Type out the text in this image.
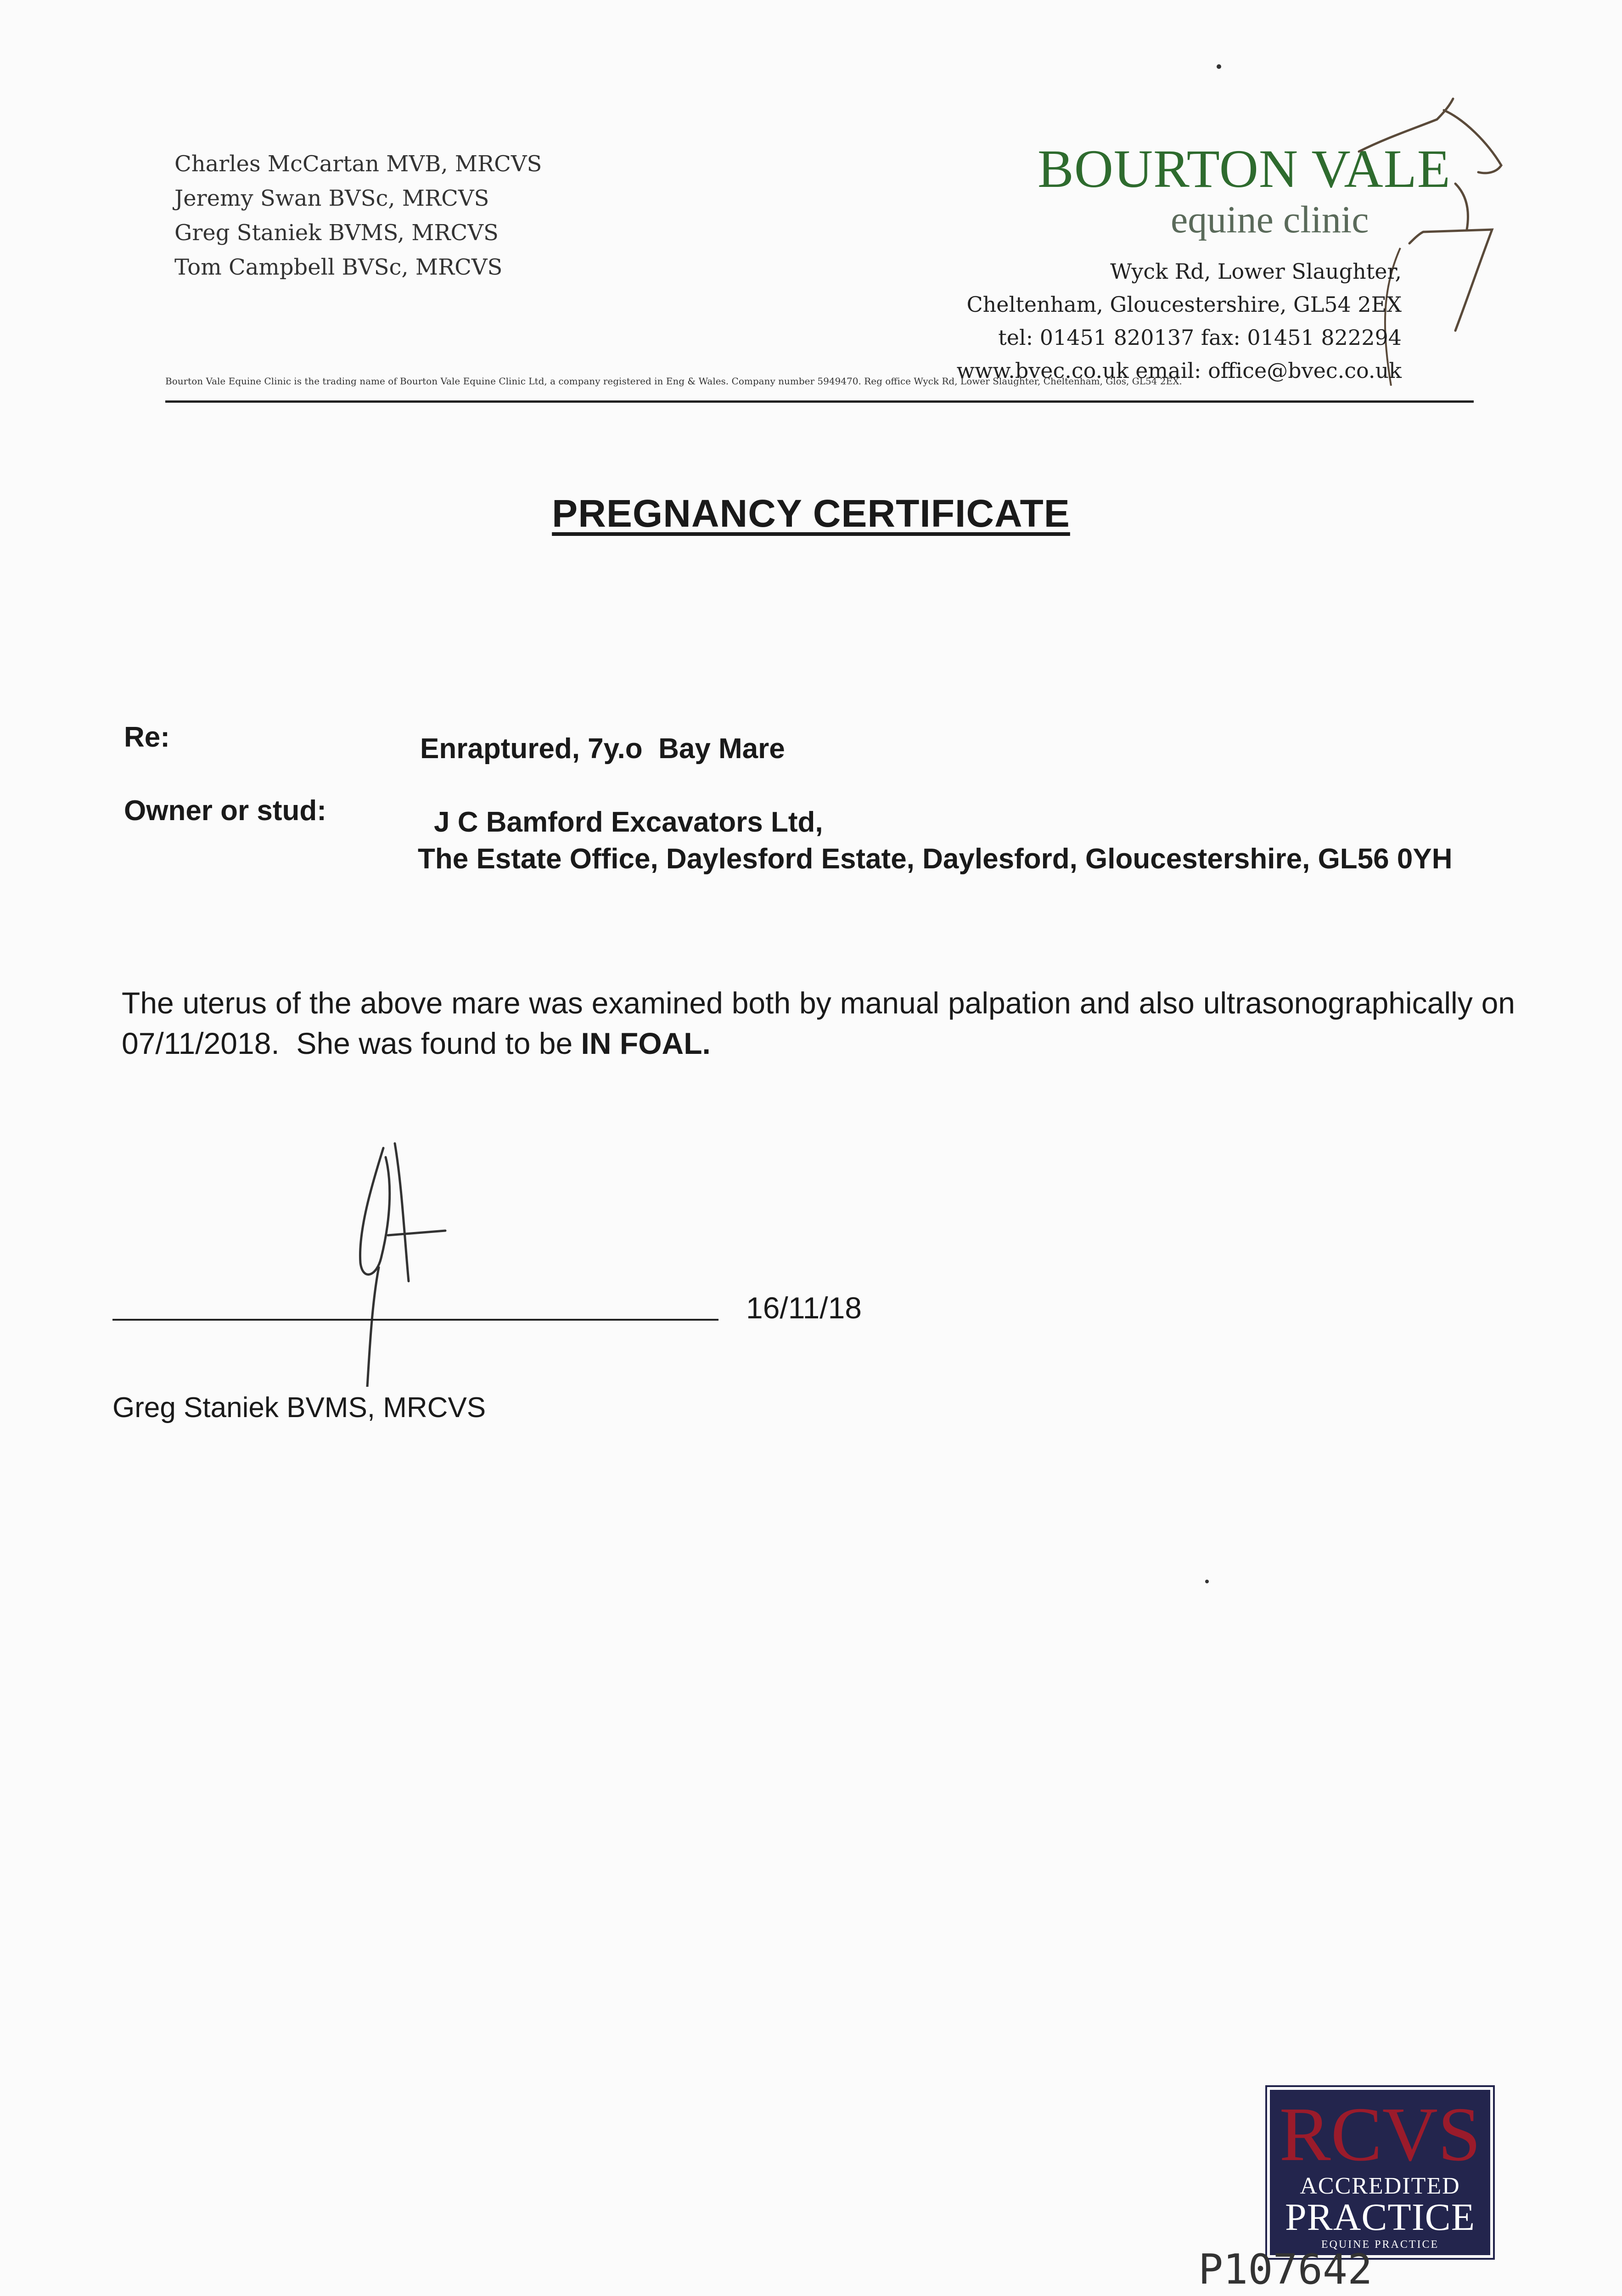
Charles McCartan MVB, MRCVS
Jeremy Swan BVSc, MRCVS
Greg Staniek BVMS, MRCVS
Tom Campbell BVSc, MRCVS
BOURTON VALE
equine clinic
Wyck Rd, Lower Slaughter,
Cheltenham, Gloucestershire, GL54 2EX
tel: 01451 820137 fax: 01451 822294
www.bvec.co.uk email: office@bvec.co.uk
Bourton Vale Equine Clinic is the trading name of Bourton Vale Equine Clinic Ltd, a company registered in Eng & Wales. Company number 5949470. Reg office Wyck Rd, Lower Slaughter, Cheltenham, Glos, GL54 2EX.
PREGNANCY CERTIFICATE
Re:	Enraptured, 7y.o  Bay Mare
Owner or stud:	J C Bamford Excavators Ltd,
The Estate Office, Daylesford Estate, Daylesford, Gloucestershire, GL56 0YH
The uterus of the above mare was examined both by manual palpation and also ultrasonographically on 07/11/2018.  She was found to be IN FOAL.
16/11/18
Greg Staniek BVMS, MRCVS
RCVS
ACCREDITED
PRACTICE
EQUINE PRACTICE
P107642
